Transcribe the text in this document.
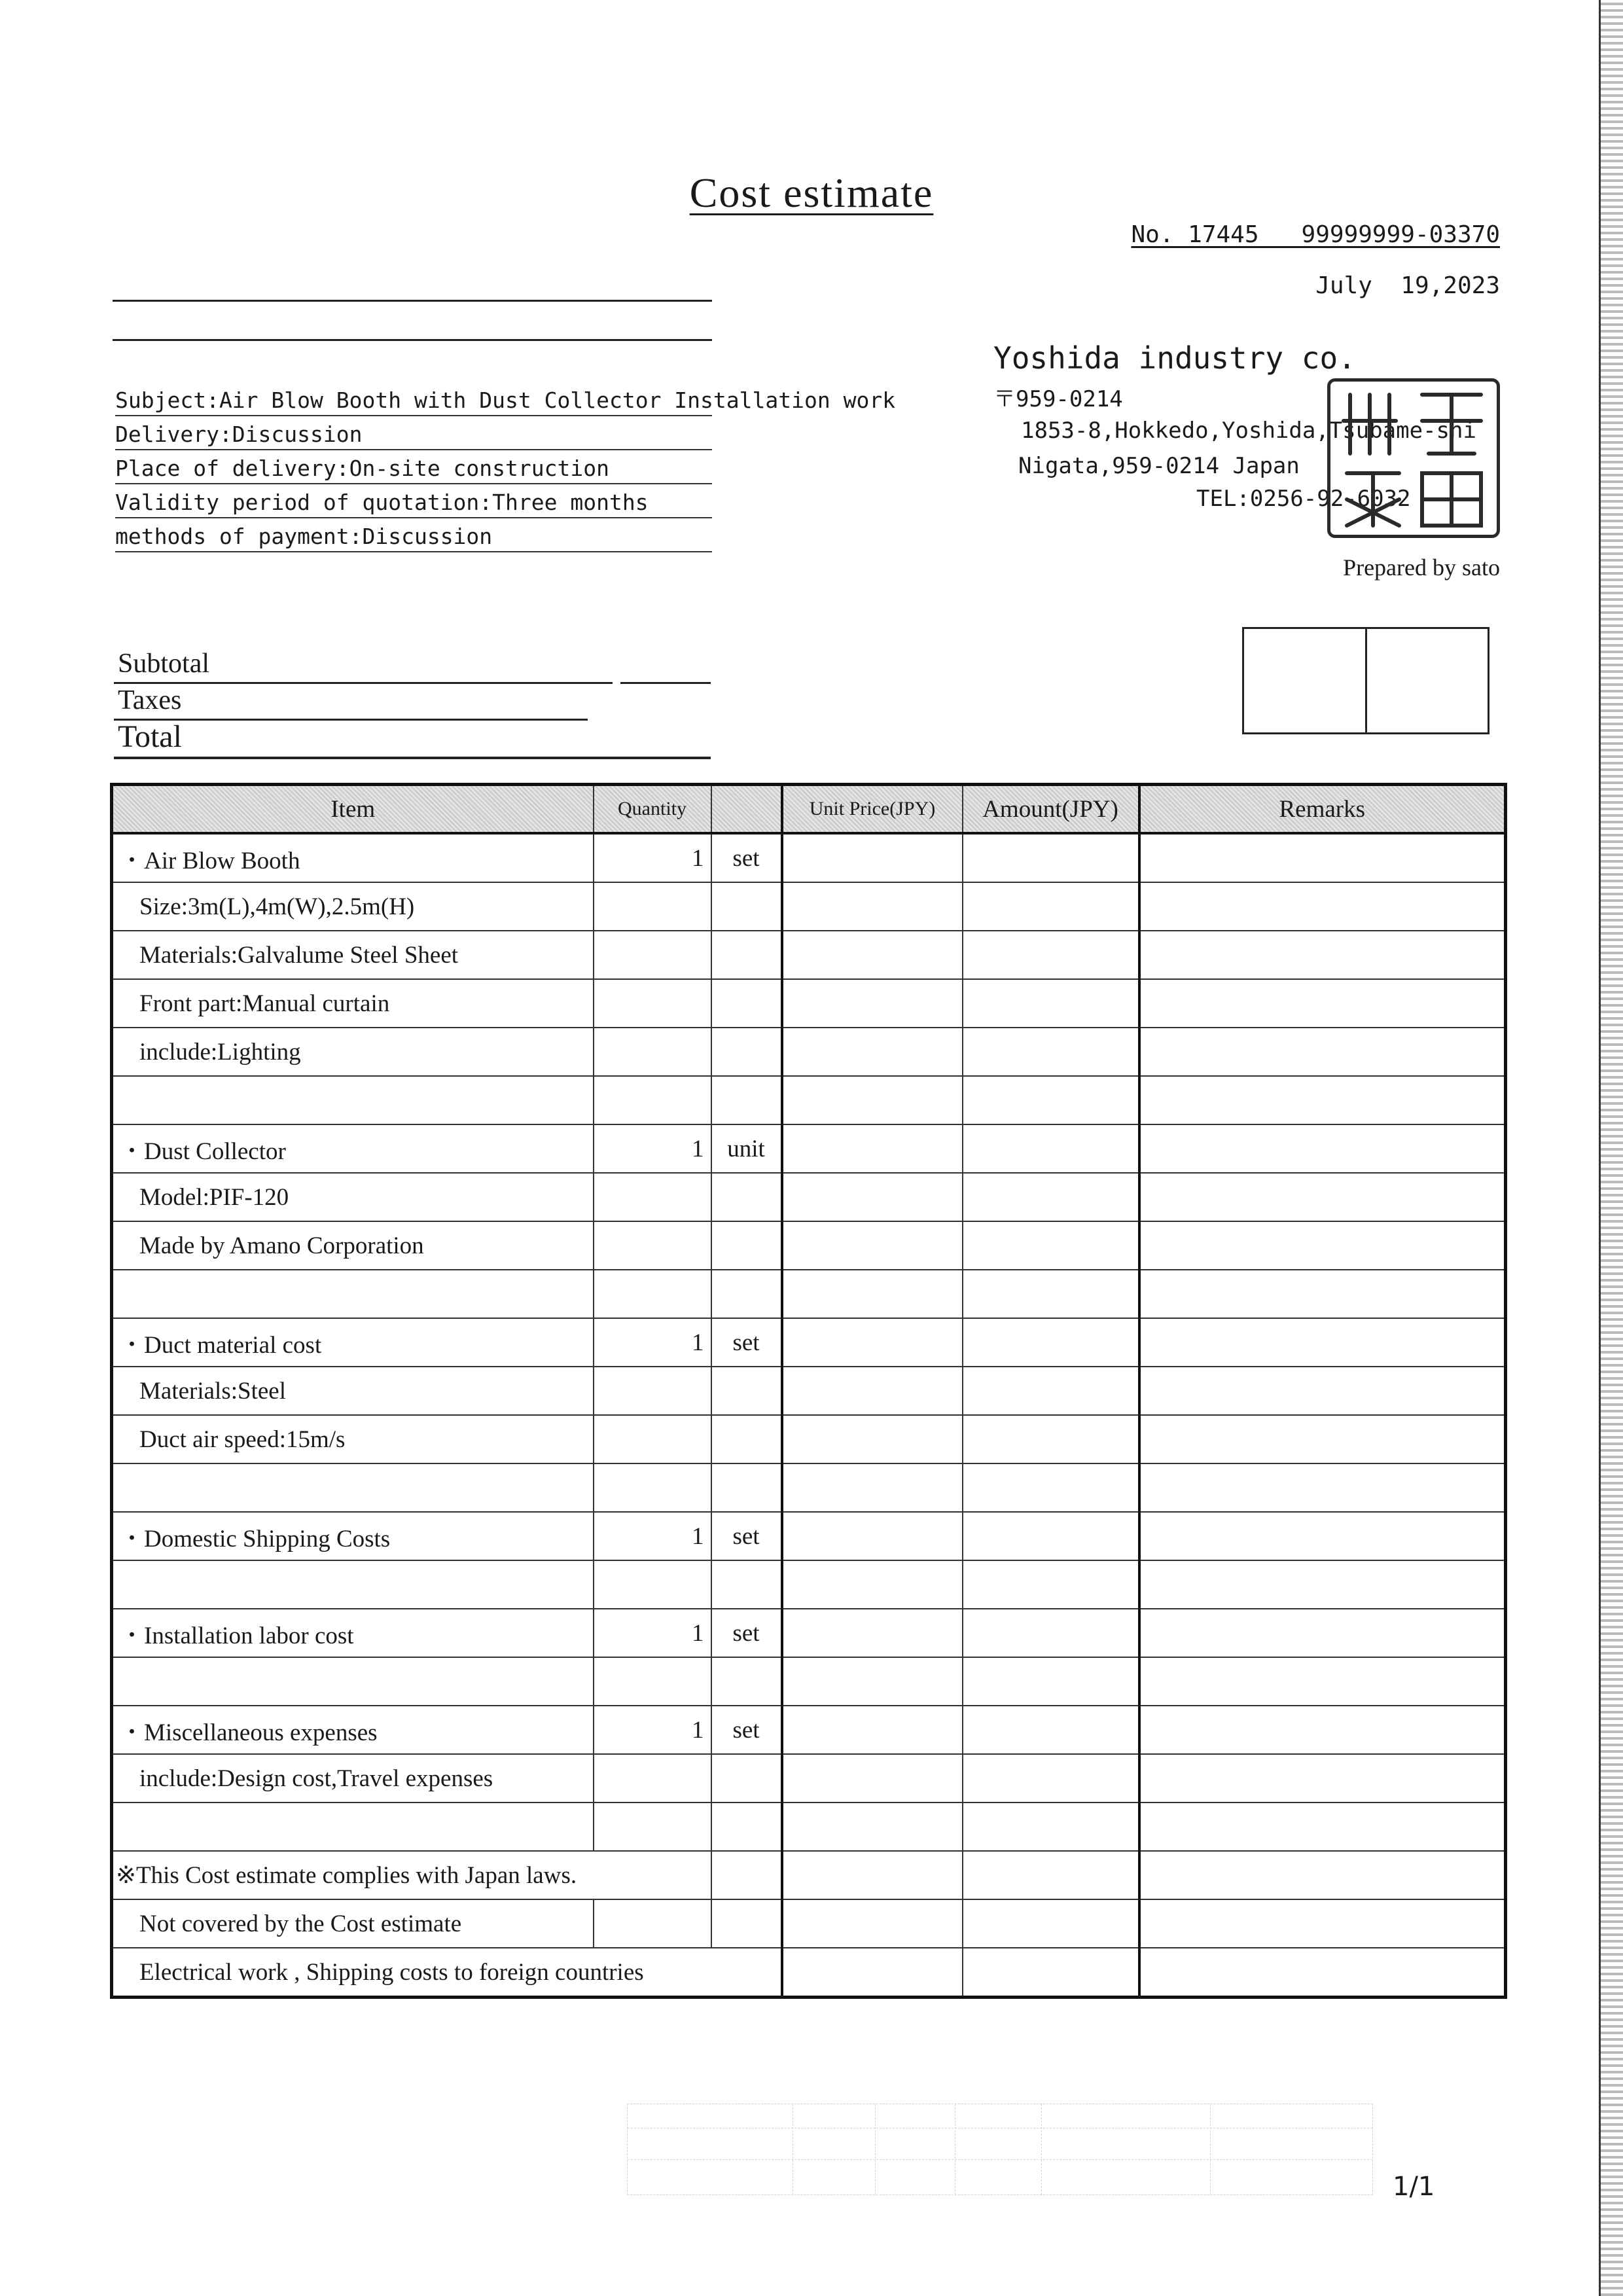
Cost estimate
No. 17445   99999999-03370
July  19,2023
Subject:Air Blow Booth with Dust Collector Installation work
Delivery:Discussion
Place of delivery:On-site construction
Validity period of quotation:Three months
methods of payment:Discussion
Yoshida industry co.
〒959-0214
1853-8,Hokkedo,Yoshida,Tsubame-shi
Nigata,959-0214 Japan
TEL:0256-92-6032
Prepared by sato
Subtotal
Taxes
Total
Item	Quantity		Unit Price(JPY)	Amount(JPY)	Remarks
・Air Blow Booth	1	set			
Size:3m(L),4m(W),2.5m(H)					
Materials:Galvalume Steel Sheet					
Front part:Manual curtain					
include:Lighting					

・Dust Collector	1	unit			
Model:PIF-120					
Made by Amano Corporation					

・Duct material cost	1	set			
Materials:Steel					
Duct air speed:15m/s					

・Domestic Shipping Costs	1	set			

・Installation labor cost	1	set			

・Miscellaneous expenses	1	set			
include:Design cost,Travel expenses					

※This Cost estimate complies with Japan laws.					
Not covered by the Cost estimate					
Electrical work , Shipping costs to foreign countries					
1/1
